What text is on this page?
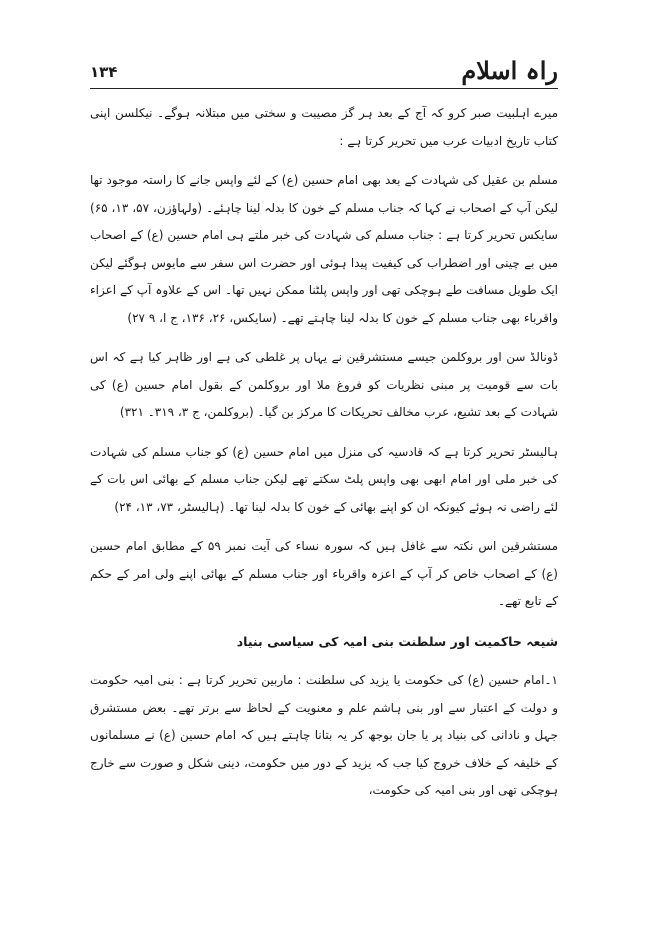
راہ اسلام
۱۳۴

میرے اہلبیت صبر کرو کہ آج کے بعد ہر گز مصیبت و سختی میں مبتلانہ ہوگے۔ نیکلسن اپنی کتاب تاریخ ادبیات عرب میں تحریر کرتا ہے :

مسلم بن عقیل کی شہادت کے بعد بھی امام حسین (ع) کے لئے واپس جانے کا راستہ موجود تھا لیکن آپ کے اصحاب نے کہا کہ جناب مسلم کے خون کا بدلہ لینا چاہئے۔ (ولہاؤزن، ۵۷، ۱۳، ۶۵) سایکس تحریر کرتا ہے : جناب مسلم کی شہادت کی خبر ملتے ہی امام حسین (ع) کے اصحاب میں بے چینی اور اضطراب کی کیفیت پیدا ہوئی اور حضرت اس سفر سے مایوس ہوگئے لیکن ایک طویل مسافت طے ہوچکی تھی اور واپس پلٹنا ممکن نہیں تھا۔ اس کے علاوہ آپ کے اعزاء واقرباء بھی جناب مسلم کے خون کا بدلہ لینا چاہتے تھے۔ (سایکس، ۲۶، ۱۳۶، ج ا، ۹ ۲۷)

ڈونالڈ سن اور بروکلمن جیسے مستشرقین نے یہاں پر غلطی کی ہے اور ظاہر کیا ہے کہ اس بات سے قومیت پر مبنی نظریات کو فروغ ملا اور بروکلمن کے بقول امام حسین (ع) کی شہادت کے بعد تشیع، عرب مخالف تحریکات کا مرکز بن گیا۔ (بروکلمن، ج ۳، ۳۱۹۔ ۳۲۱)

ہالیسٹر تحریر کرتا ہے کہ قادسیہ کی منزل میں امام حسین (ع) کو جناب مسلم کی شہادت کی خبر ملی اور امام ابھی بھی واپس پلٹ سکتے تھے لیکن جناب مسلم کے بھائی اس بات کے لئے راضی نہ ہوئے کیونکہ ان کو اپنے بھائی کے خون کا بدلہ لینا تھا۔ (ہالیسٹر، ۷۳، ۱۳، ۲۴)

مستشرقین اس نکتہ سے غافل ہیں کہ سورہ نساء کی آیت نمبر ۵۹ کے مطابق امام حسین (ع) کے اصحاب خاص کر آپ کے اعزہ واقرباء اور جناب مسلم کے بھائی اپنے ولی امر کے حکم کے تابع تھے۔

شیعہ حاکمیت اور سلطنت بنی امیہ کی سیاسی بنیاد

۱۔امام حسین (ع) کی حکومت یا یزید کی سلطنت : ماربین تحریر کرتا ہے : بنی امیہ حکومت و دولت کے اعتبار سے اور بنی ہاشم علم و معنویت کے لحاظ سے برتر تھے۔ بعض مستشرق جہل و نادانی کی بنیاد پر یا جان بوجھ کر یہ بتانا چاہتے ہیں کہ امام حسین (ع) نے مسلمانوں کے خلیفہ کے خلاف خروج کیا جب کہ یزید کے دور میں حکومت، دینی شکل و صورت سے خارج ہوچکی تھی اور بنی امیہ کی حکومت،
